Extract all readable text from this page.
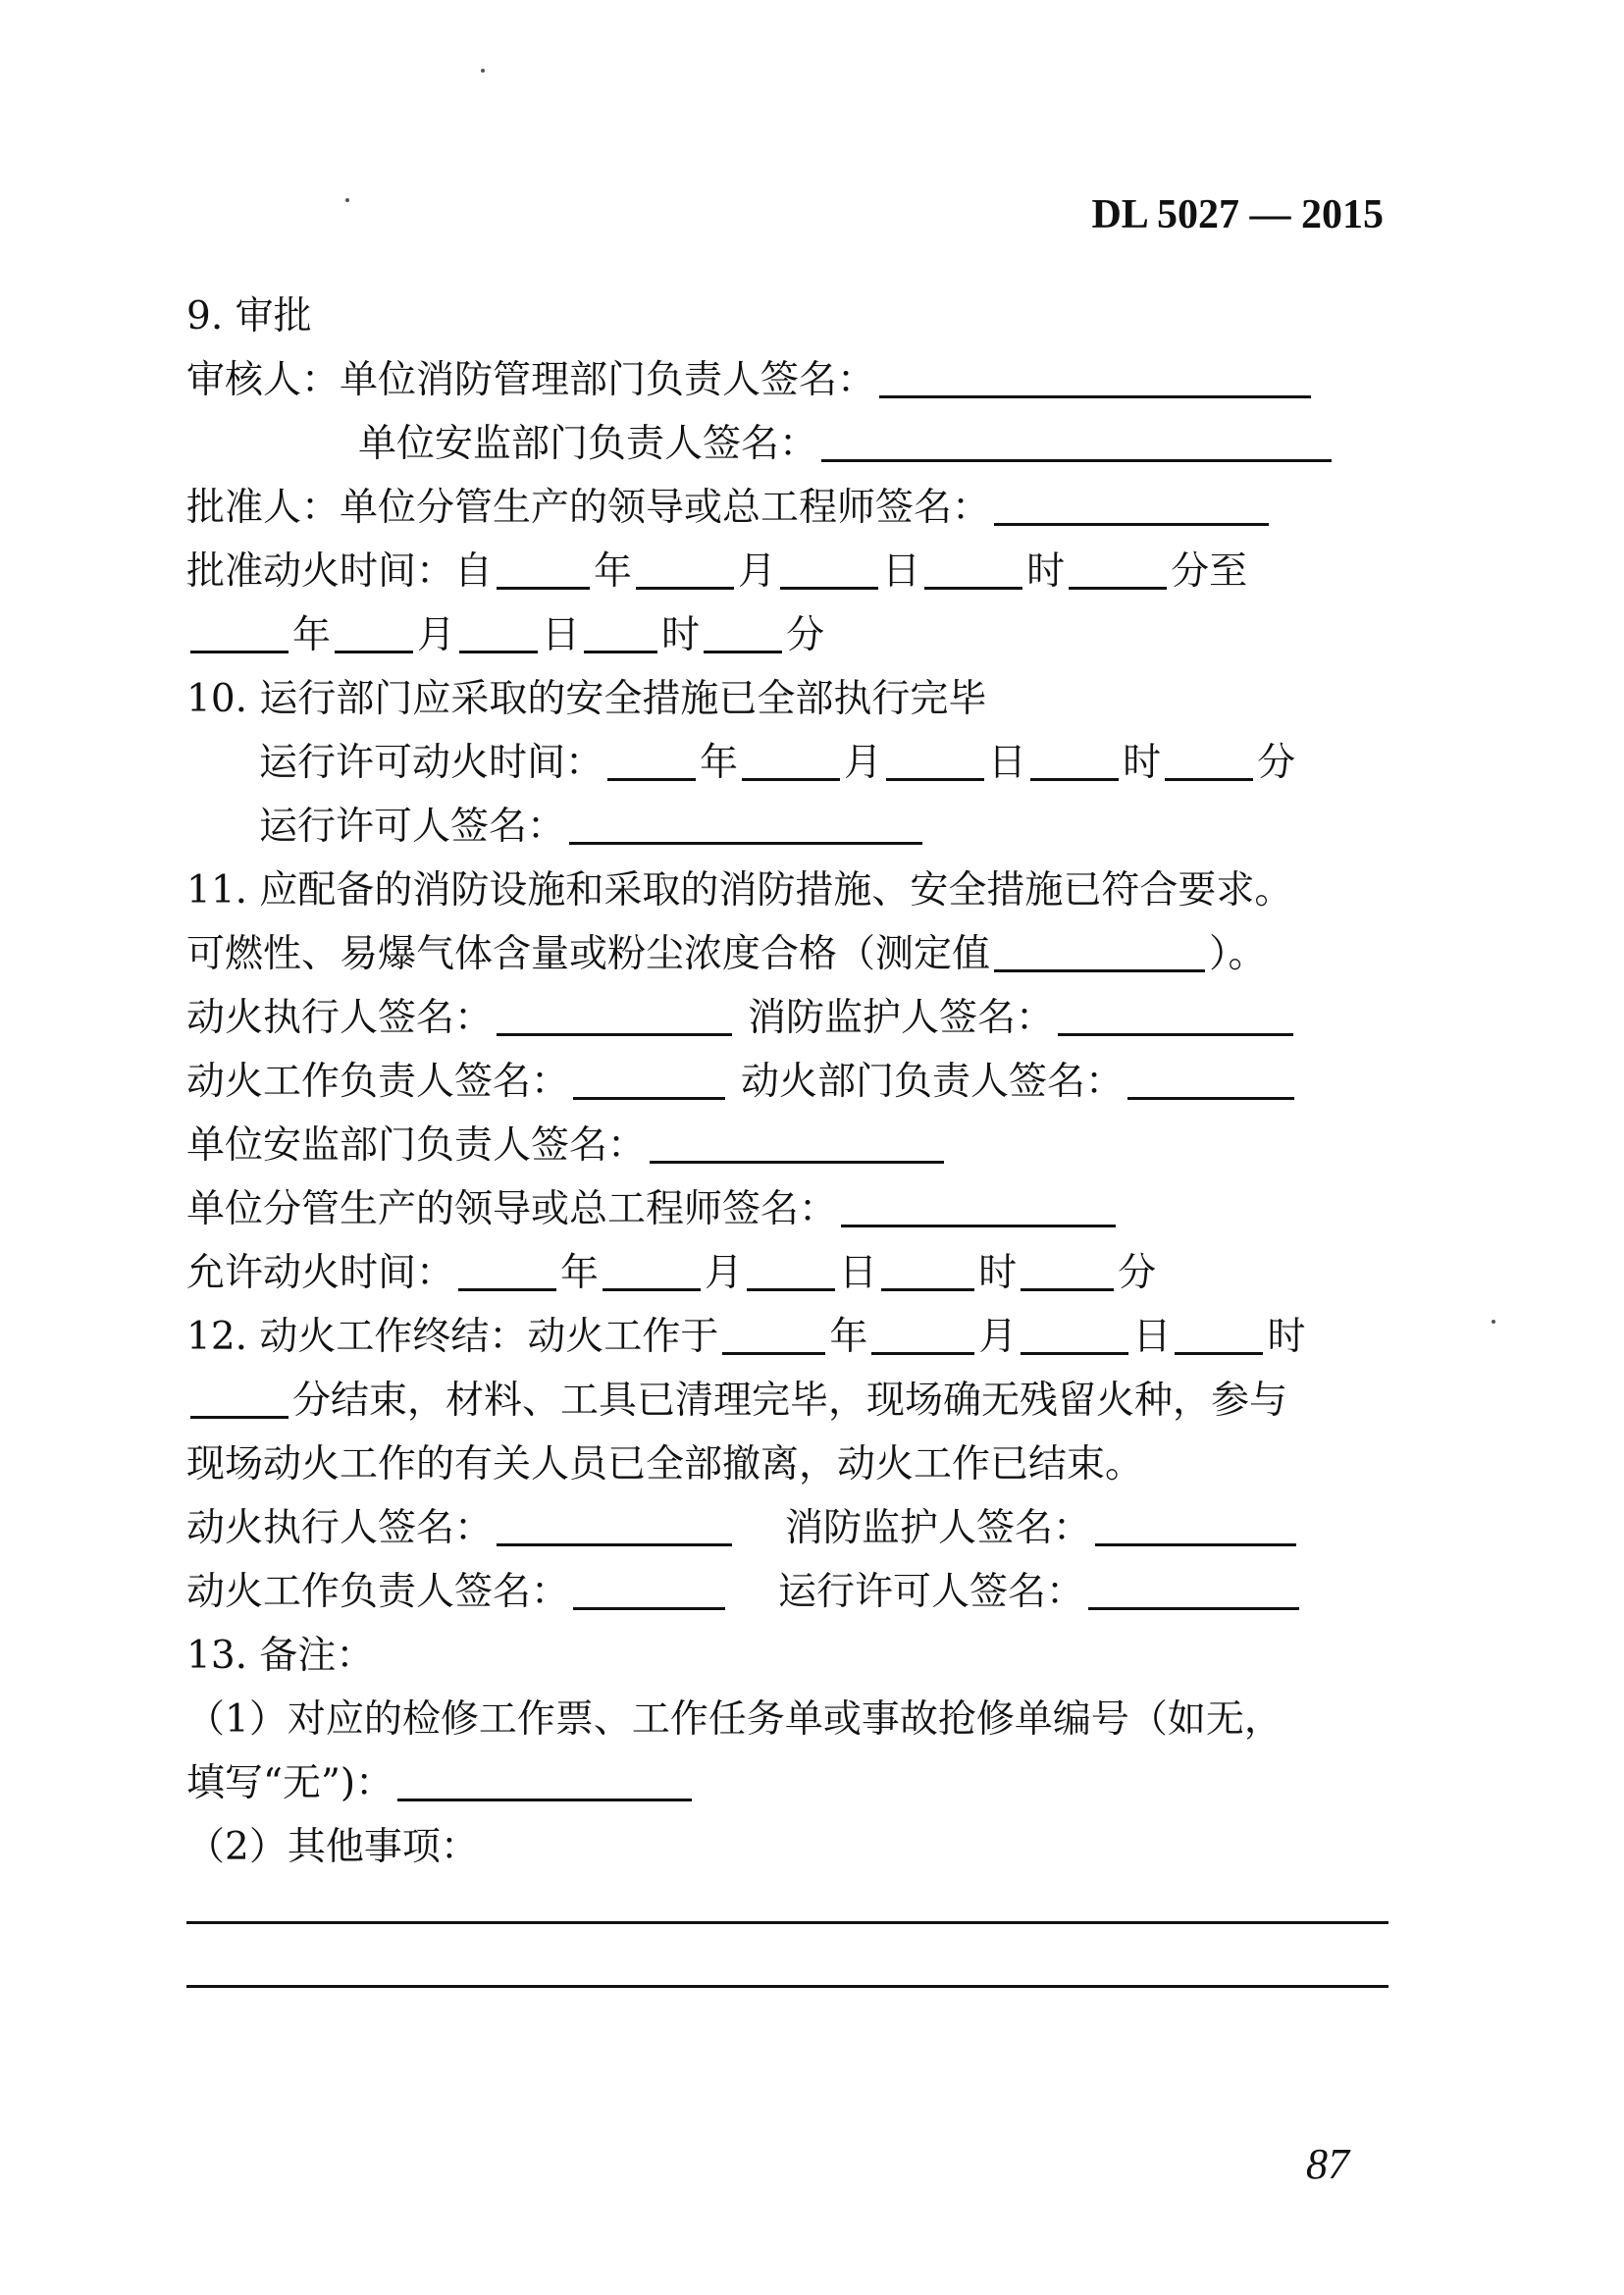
DL 5027 — 2015
9. 审批
审核人： 单位消防管理部门负责人签名：
单位安监部门负责人签名：
批准人： 单位分管生产的领导或总工程师签名：
批准动火时间：自	年	月	日	时	分至
年 月 日 时 分
10. 运行部门应采取的安全措施已全部执行完毕
运行许可动火时间：	年	月	日	时	分
运行许可人签名：
11. 应配备的消防设施和采取的消防措施、安全措施已符合要求。
可燃性、易爆气体含量或粉尘浓度合格（测定值	）。
动火执行人签名：	消防监护人签名：
动火工作负责人签名：	动火部门负责人签名：
单位安监部门负责人签名：
单位分管生产的领导或总工程师签名：
允许动火时间：	年	月	日	时	分
12. 动火工作终结：动火工作于	年	月	日	时
分结束，材料、工具已清理完毕，现场确无残留火种，参与
现场动火工作的有关人员已全部撤离，动火工作已结束。
动火执行人签名：	消防监护人签名：
动火工作负责人签名：	运行许可人签名：
13. 备注：
（1）对应的检修工作票、工作任务单或事故抢修单编号（如无，
填写“无”)：
（2）其他事项：
87
